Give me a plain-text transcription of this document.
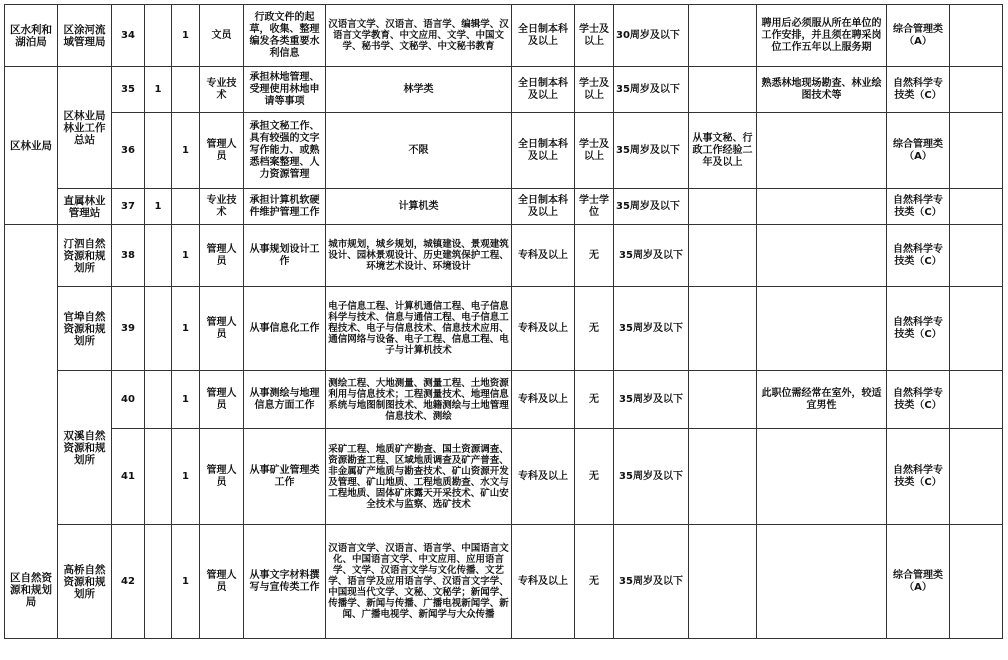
区水利和湖泊局	区涂河流域管理局	34		1	文员	行政文件的起草，收集、整理编发各类重要水利信息	汉语言文学、汉语言、语言学、编辑学、汉语言文学教育、中文应用、文学、中国文学、秘书学、文秘学、中文秘书教育	全日制本科及以上	学士及以上	30周岁及以下		聘用后必须服从所在单位的工作安排，并且须在聘采岗位工作五年以上服务期	综合管理类（A）	
区林业局	区林业局林业工作总站	35	1		专业技术	承担林地管理、受理使用林地申请等事项	林学类	全日制本科及以上	学士及以上	35周岁及以下		熟悉林地现场勘查、林业绘图技术等	自然科学专技类（C）	
		36		1	管理人员	承担文秘工作、具有较强的文字写作能力、或熟悉档案整理、人力资源管理	不限	全日制本科及以上	学士及以上	35周岁及以下	从事文秘、行政工作经验二年及以上		综合管理类（A）	
	直属林业管理站	37	1		专业技术	承担计算机软硬件维护管理工作	计算机类	全日制本科及以上	学士学位	35周岁及以下			自然科学专技类（C）	
区自然资源和规划局	汀泗自然资源和规划所	38		1	管理人员	从事规划设计工作	城市规划，城乡规划，城镇建设、景观建筑设计、园林景观设计、历史建筑保护工程、环境艺术设计、环境设计	专科及以上	无	35周岁及以下			自然科学专技类（C）	
	官埠自然资源和规划所	39		1	管理人员	从事信息化工作	电子信息工程、计算机通信工程、电子信息科学与技术、信息与通信工程、电子信息工程技术、电子与信息技术、信息技术应用、通信网络与设备、电子工程、信息工程、电子与计算机技术	专科及以上	无	35周岁及以下			自然科学专技类（C）	
	双溪自然资源和规划所	40		1	管理人员	从事测绘与地理信息方面工作	测绘工程、大地测量、测量工程、土地资源利用与信息技术；工程测量技术、地理信息系统与地图制图技术、地籍测绘与土地管理信息技术、测绘	专科及以上	无	35周岁及以下		此职位需经常在室外，较适宜男性	自然科学专技类（C）	
		41		1	管理人员	从事矿业管理类工作	采矿工程、地质矿产勘查、国土资源调查、资源勘查工程、区域地质调查及矿产普查、非金属矿产地质与勘查技术、矿山资源开发及管理、矿山地质、工程地质勘查、水文与工程地质、固体矿床露天开采技术、矿山安全技术与监察、选矿技术	专科及以上	无	35周岁及以下			自然科学专技类（C）	
	高桥自然资源和规划所	42		1	管理人员	从事文字材料撰写与宣传类工作	汉语言文学、汉语言、语言学、中国语言文化、中国语言文学、中文应用、应用语言学、文学、汉语言文学与文化传播、文艺学、语言学及应用语言学、汉语言文字学、中国现当代文学、文秘、文秘学；新闻学、传播学、新闻与传播、广播电视新闻学、新闻、广播电视学、新闻学与大众传播	专科及以上	无	35周岁及以下			综合管理类（A）	
